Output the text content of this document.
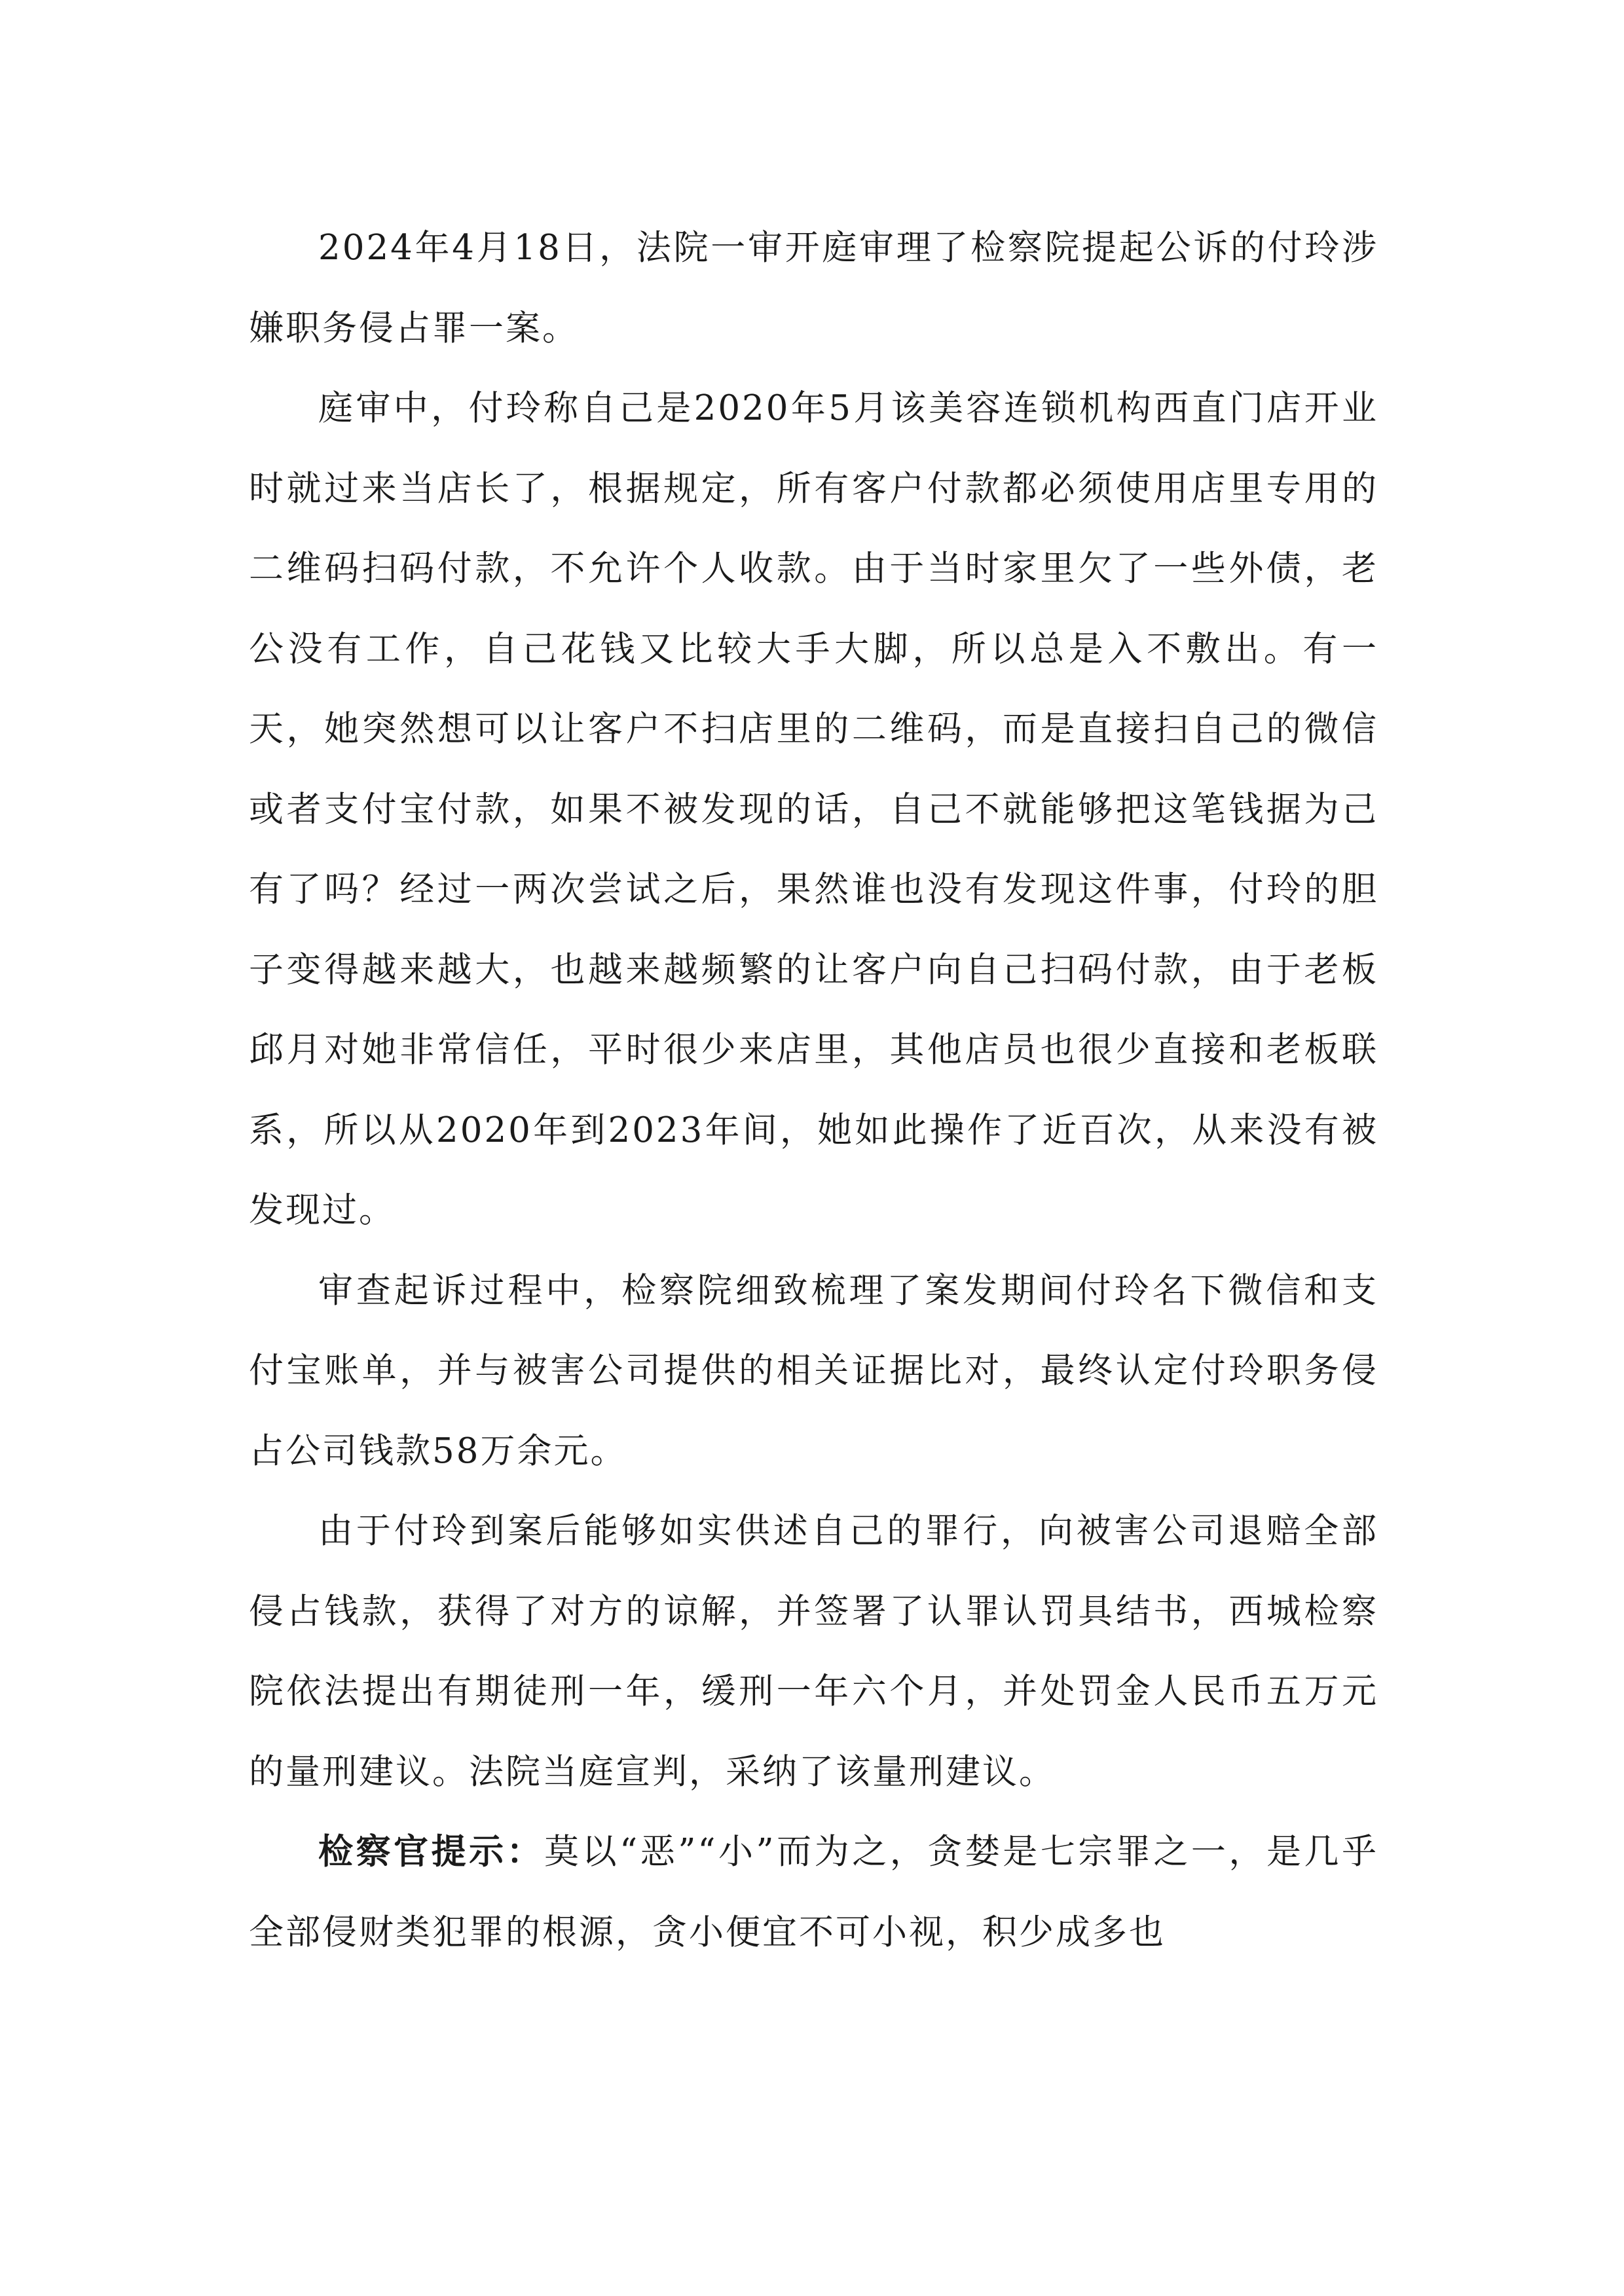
2024年4月18日，法院一审开庭审理了检察院提起公诉的付玲涉嫌职务侵占罪一案。

庭审中，付玲称自己是2020年5月该美容连锁机构西直门店开业时就过来当店长了，根据规定，所有客户付款都必须使用店里专用的二维码扫码付款，不允许个人收款。由于当时家里欠了一些外债，老公没有工作，自己花钱又比较大手大脚，所以总是入不敷出。有一天，她突然想可以让客户不扫店里的二维码，而是直接扫自己的微信或者支付宝付款，如果不被发现的话，自己不就能够把这笔钱据为己有了吗？经过一两次尝试之后，果然谁也没有发现这件事，付玲的胆子变得越来越大，也越来越频繁的让客户向自己扫码付款，由于老板邱月对她非常信任，平时很少来店里，其他店员也很少直接和老板联系，所以从2020年到2023年间，她如此操作了近百次，从来没有被发现过。

审查起诉过程中，检察院细致梳理了案发期间付玲名下微信和支付宝账单，并与被害公司提供的相关证据比对，最终认定付玲职务侵占公司钱款58万余元。

由于付玲到案后能够如实供述自己的罪行，向被害公司退赔全部侵占钱款，获得了对方的谅解，并签署了认罪认罚具结书，西城检察院依法提出有期徒刑一年，缓刑一年六个月，并处罚金人民币五万元的量刑建议。法院当庭宣判，采纳了该量刑建议。

检察官提示：莫以“恶”“小”而为之，贪婪是七宗罪之一，是几乎全部侵财类犯罪的根源，贪小便宜不可小视，积少成多也
